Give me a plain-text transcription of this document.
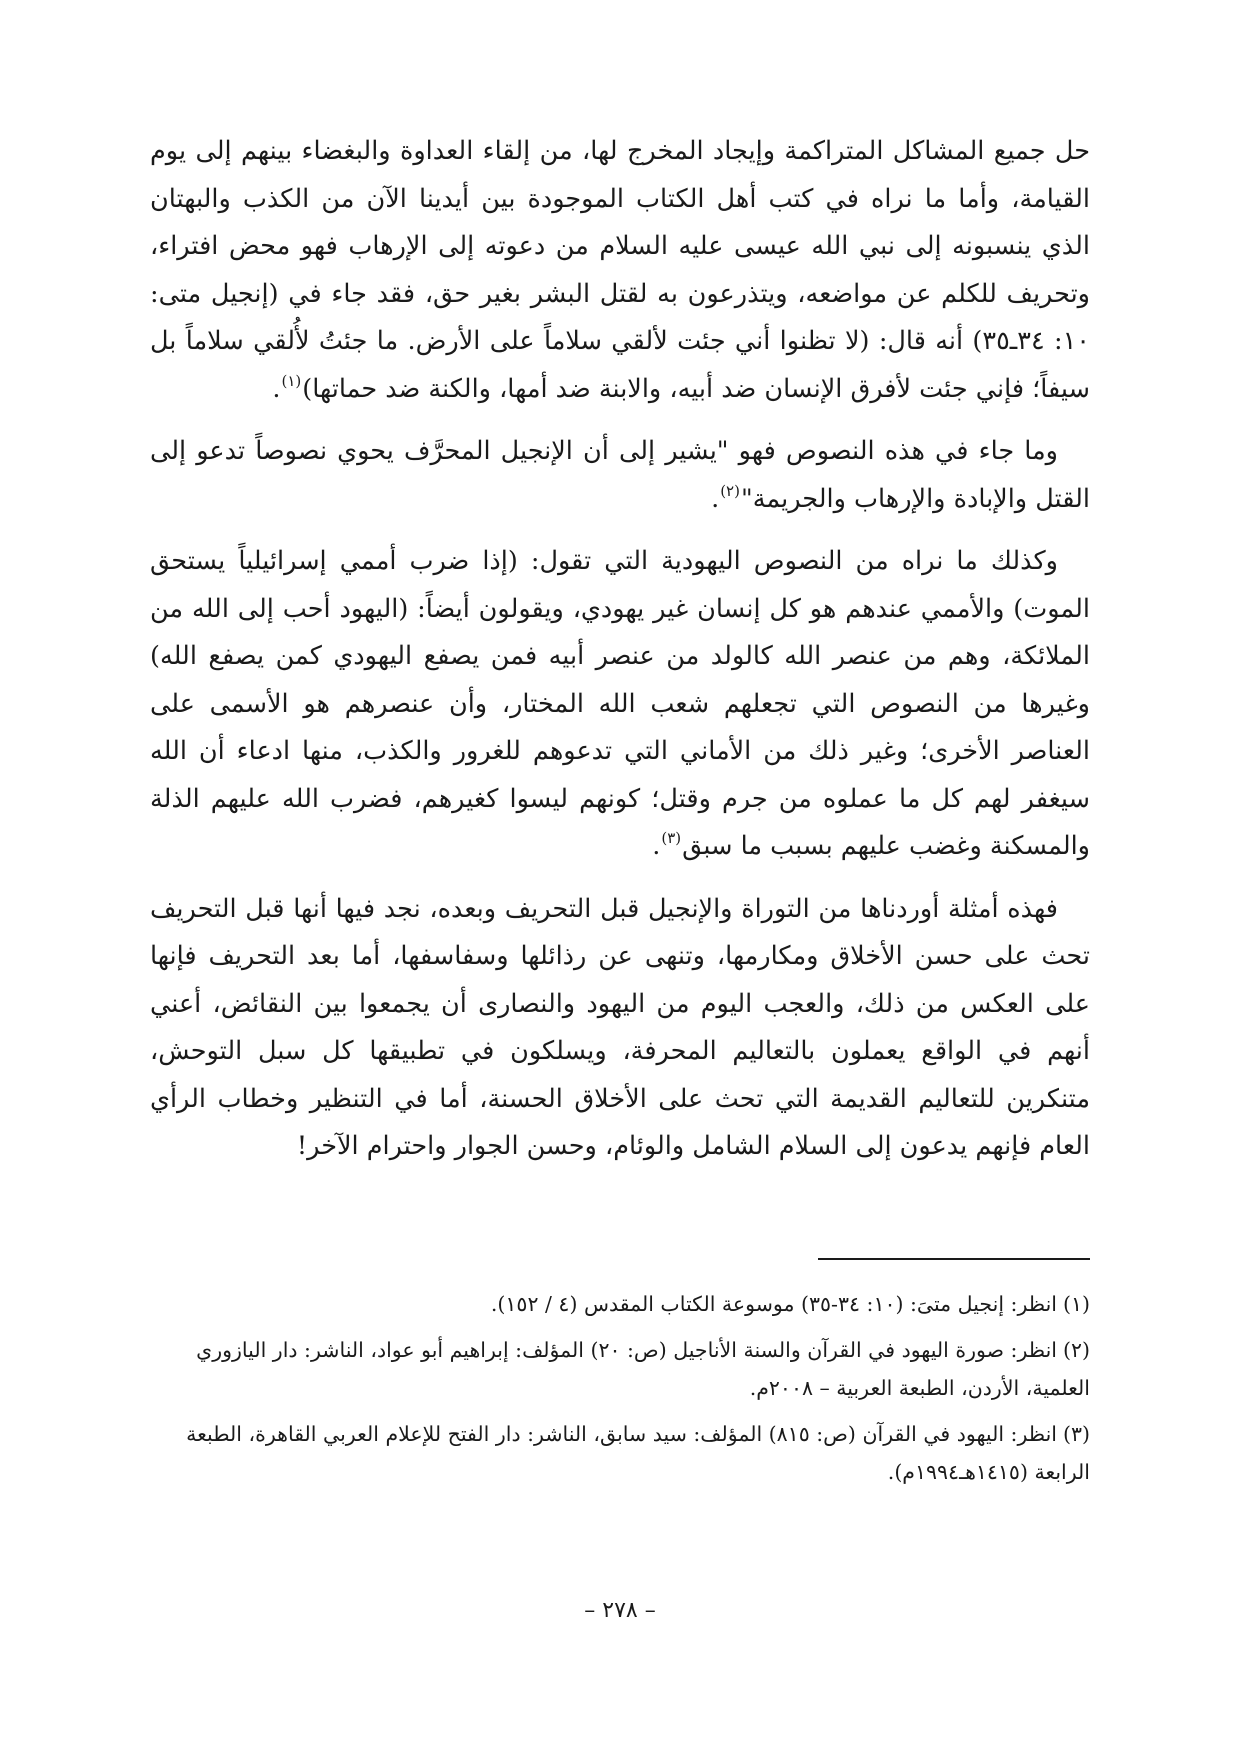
حل جميع المشاكل المتراكمة وإيجاد المخرج لها، من إلقاء العداوة والبغضاء بينهم إلى يوم القيامة، وأما ما نراه في كتب أهل الكتاب الموجودة بين أيدينا الآن من الكذب والبهتان الذي ينسبونه إلى نبي الله عيسى عليه السلام من دعوته إلى الإرهاب فهو محض افتراء، وتحريف للكلم عن مواضعه، ويتذرعون به لقتل البشر بغير حق، فقد جاء في (إنجيل متى: ١٠: ٣٤ـ٣٥) أنه قال: (لا تظنوا أني جئت لألقي سلاماً على الأرض. ما جئتُ لأُلقي سلاماً بل سيفاً؛ فإني جئت لأفرق الإنسان ضد أبيه، والابنة ضد أمها، والكنة ضد حماتها)$^{(١)}$.

وما جاء في هذه النصوص فهو "يشير إلى أن الإنجيل المحرَّف يحوي نصوصاً تدعو إلى القتل والإبادة والإرهاب والجريمة"$^{(٢)}$.

وكذلك ما نراه من النصوص اليهودية التي تقول: (إذا ضرب أممي إسرائيلياً يستحق الموت) والأممي عندهم هو كل إنسان غير يهودي، ويقولون أيضاً: (اليهود أحب إلى الله من الملائكة، وهم من عنصر الله كالولد من عنصر أبيه فمن يصفع اليهودي كمن يصفع الله) وغيرها من النصوص التي تجعلهم شعب الله المختار، وأن عنصرهم هو الأسمى على العناصر الأخرى؛ وغير ذلك من الأماني التي تدعوهم للغرور والكذب، منها ادعاء أن الله سيغفر لهم كل ما عملوه من جرم وقتل؛ كونهم ليسوا كغيرهم، فضرب الله عليهم الذلة والمسكنة وغضب عليهم بسبب ما سبق$^{(٣)}$.

فهذه أمثلة أوردناها من التوراة والإنجيل قبل التحريف وبعده، نجد فيها أنها قبل التحريف تحث على حسن الأخلاق ومكارمها، وتنهى عن رذائلها وسفاسفها، أما بعد التحريف فإنها على العكس من ذلك، والعجب اليوم من اليهود والنصارى أن يجمعوا بين النقائض، أعني أنهم في الواقع يعملون بالتعاليم المحرفة، ويسلكون في تطبيقها كل سبل التوحش، متنكرين للتعاليم القديمة التي تحث على الأخلاق الحسنة، أما في التنظير وخطاب الرأي العام فإنهم يدعون إلى السلام الشامل والوئام، وحسن الجوار واحترام الآخر!

(١)انظر: إنجيل متىَ: (١٠: ٣٤-٣٥) موسوعة الكتاب المقدس (٤ / ١٥٢).

(٢)انظر: صورة اليهود في القرآن والسنة الأناجيل (ص: ٢٠) المؤلف: إبراهيم أبو عواد، الناشر: دار اليازوري العلمية، الأردن، الطبعة العربية – ٢٠٠٨م.

(٣)انظر: اليهود في القرآن (ص: ٨١٥) المؤلف: سيد سابق، الناشر: دار الفتح للإعلام العربي القاهرة، الطبعة الرابعة (١٤١٥هـ١٩٩٤م).

– ٢٧٨ –
